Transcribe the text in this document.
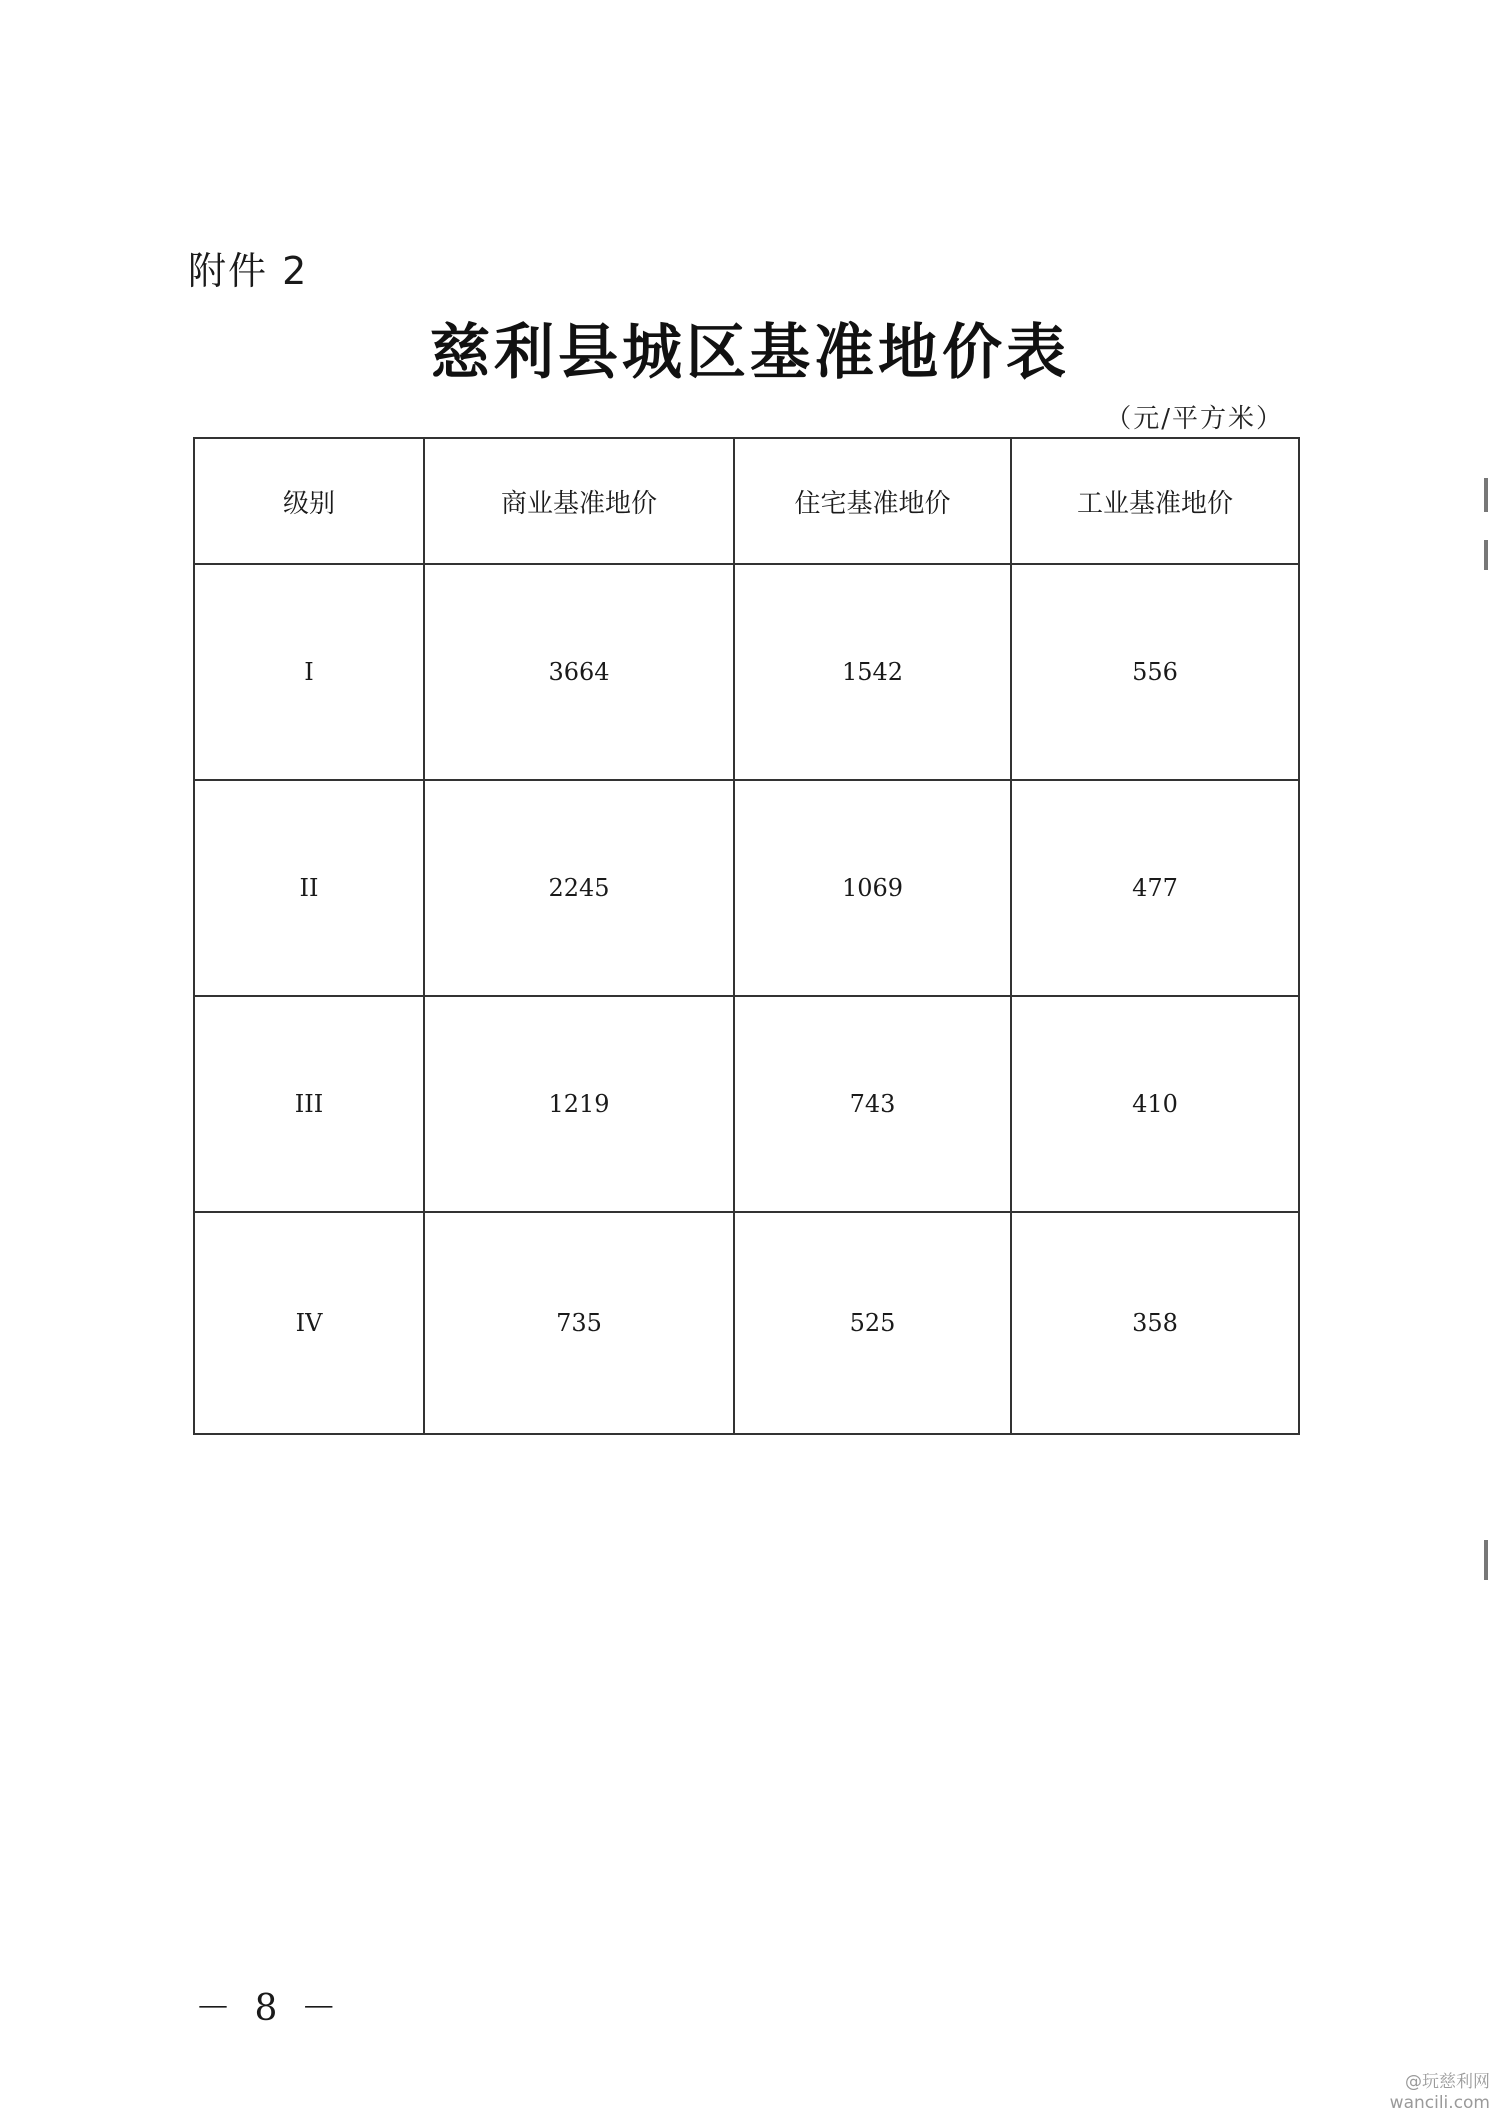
附件 2
慈利县城区基准地价表
（元/平方米）
级别	商业基准地价	住宅基准地价	工业基准地价
I	3664	1542	556
II	2245	1069	477
III	1219	743	410
IV	735	525	358
－ 8 －
@玩慈利网
wancili.com
